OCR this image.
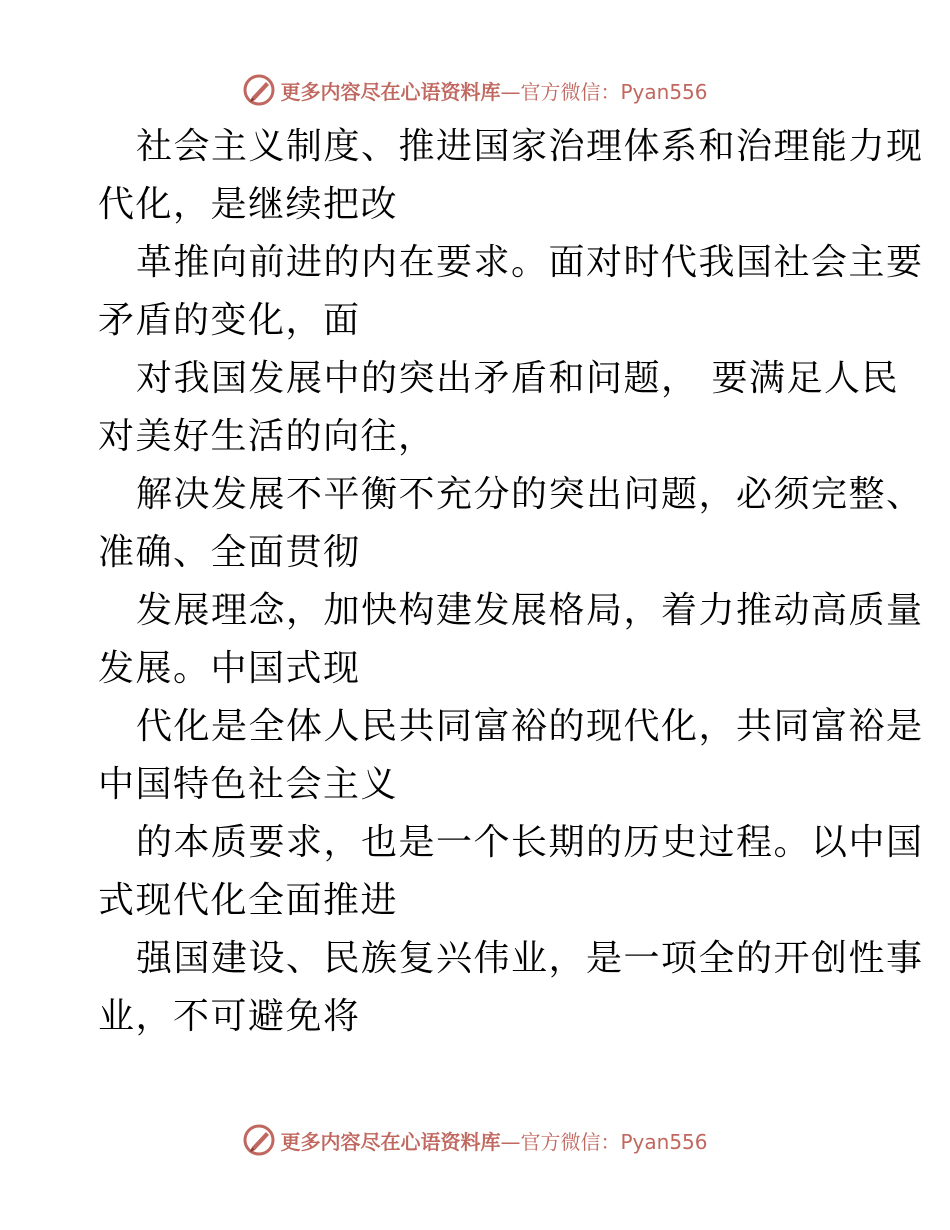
更多内容尽在心语资料库—官方微信：Pyan556

社会主义制度、推进国家治理体系和治理能力现
代化，是继续把改

革推向前进的内在要求。面对时代我国社会主要
矛盾的变化，面

对我国发展中的突出矛盾和问题， 要满足人民
对美好生活的向往，

解决发展不平衡不充分的突出问题，必须完整、
准确、全面贯彻

发展理念，加快构建发展格局，着力推动高质量
发展。中国式现

代化是全体人民共同富裕的现代化，共同富裕是
中国特色社会主义

的本质要求，也是一个长期的历史过程。以中国
式现代化全面推进

强国建设、民族复兴伟业，是一项全的开创性事
业，不可避免将

更多内容尽在心语资料库—官方微信：Pyan556
